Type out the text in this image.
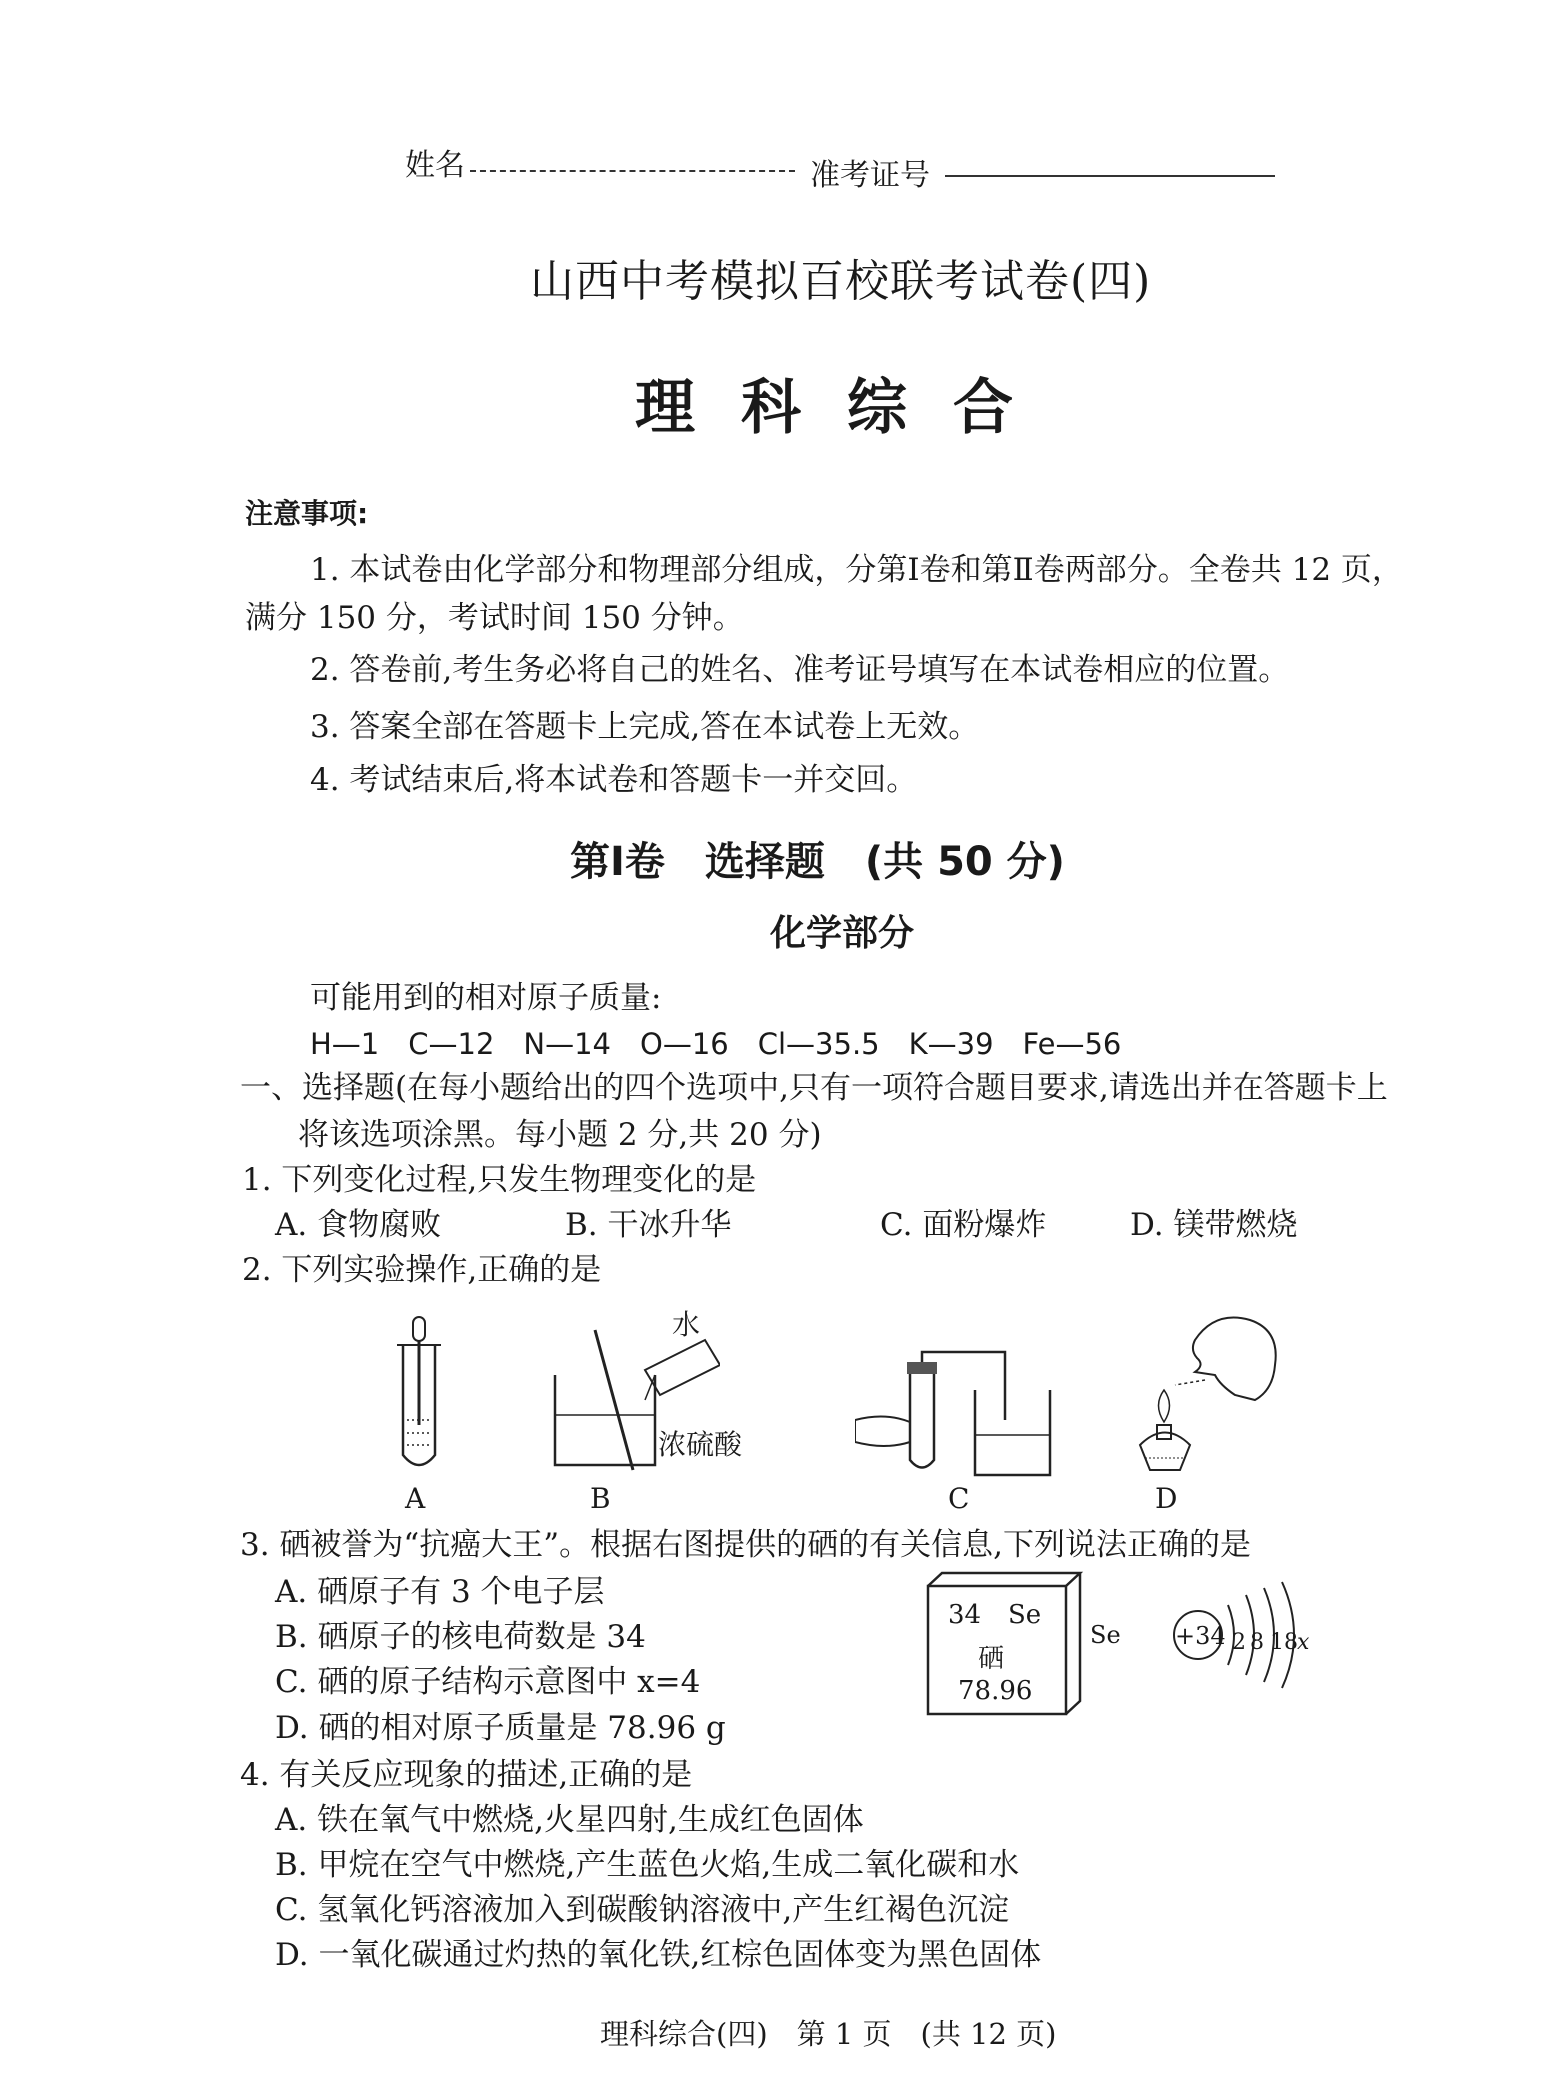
姓名	准考证号
山西中考模拟百校联考试卷(四)
理 科 综 合
注意事项:
1. 本试卷由化学部分和物理部分组成，分第Ⅰ卷和第Ⅱ卷两部分。全卷共 12 页，
满分 150 分，考试时间 150 分钟。
2. 答卷前,考生务必将自己的姓名、准考证号填写在本试卷相应的位置。
3. 答案全部在答题卡上完成,答在本试卷上无效。
4. 考试结束后,将本试卷和答题卡一并交回。
第Ⅰ卷　选择题　(共 50 分)
化学部分
可能用到的相对原子质量:
H—1　C—12　N—14　O—16　Cl—35.5　K—39　Fe—56
一、选择题(在每小题给出的四个选项中,只有一项符合题目要求,请选出并在答题卡上
将该选项涂黑。每小题 2 分,共 20 分)
1. 下列变化过程,只发生物理变化的是
A. 食物腐败	B. 干冰升华	C. 面粉爆炸	D. 镁带燃烧
2. 下列实验操作,正确的是
A
水
浓硫酸
B	C	D
3. 硒被誉为“抗癌大王”。根据右图提供的硒的有关信息,下列说法正确的是
A. 硒原子有 3 个电子层
B. 硒原子的核电荷数是 34
C. 硒的原子结构示意图中 x=4
D. 硒的相对原子质量是 78.96 g
34 Se
硒
78.96
Se +34 2 8 18 x
4. 有关反应现象的描述,正确的是
A. 铁在氧气中燃烧,火星四射,生成红色固体
B. 甲烷在空气中燃烧,产生蓝色火焰,生成二氧化碳和水
C. 氢氧化钙溶液加入到碳酸钠溶液中,产生红褐色沉淀
D. 一氧化碳通过灼热的氧化铁,红棕色固体变为黑色固体
理科综合(四)　第 1 页　(共 12 页)
